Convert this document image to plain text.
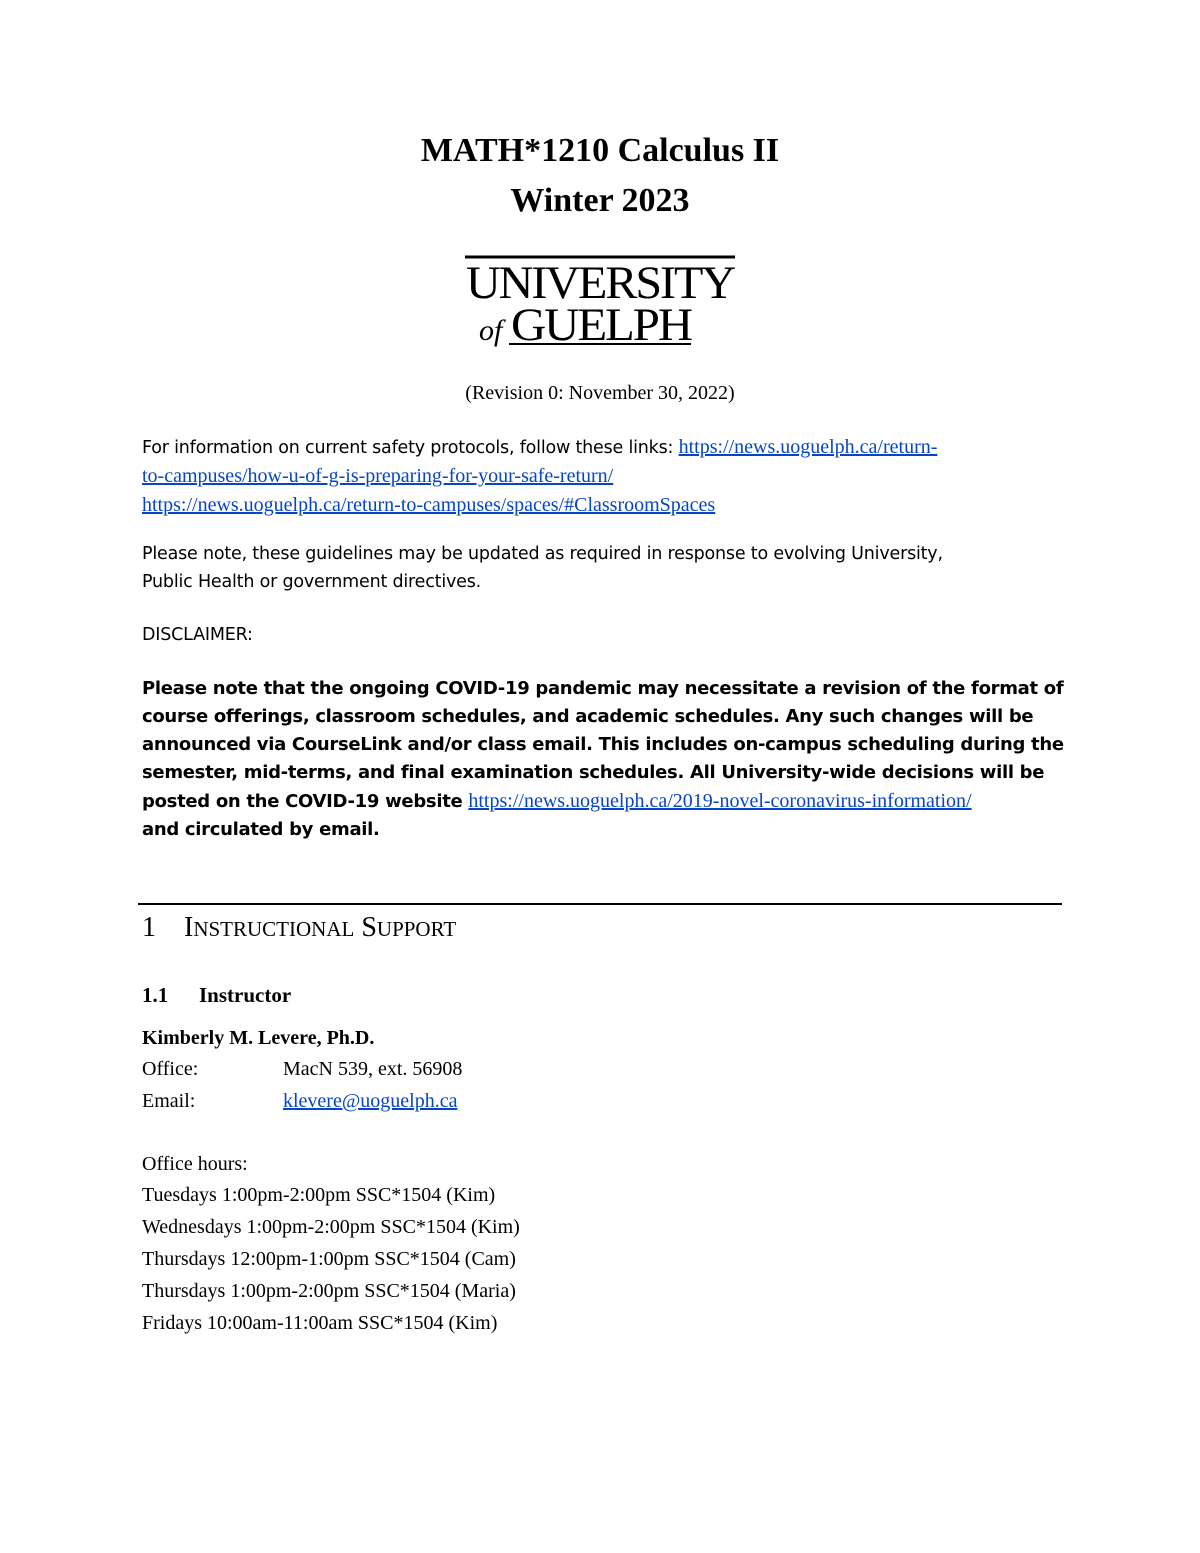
MATH*1210 Calculus II
Winter 2023
UNIVERSITY
of GUELPH
(Revision 0: November 30, 2022)
For information on current safety protocols, follow these links: https://news.uoguelph.ca/return-
to-campuses/how-u-of-g-is-preparing-for-your-safe-return/
https://news.uoguelph.ca/return-to-campuses/spaces/#ClassroomSpaces
Please note, these guidelines may be updated as required in response to evolving University,
Public Health or government directives.
DISCLAIMER:
Please note that the ongoing COVID-19 pandemic may necessitate a revision of the format of
course offerings, classroom schedules, and academic schedules. Any such changes will be
announced via CourseLink and/or class email. This includes on-campus scheduling during the
semester, mid-terms, and final examination schedules. All University-wide decisions will be
posted on the COVID-19 website https://news.uoguelph.ca/2019-novel-coronavirus-information/
and circulated by email.
1 INSTRUCTIONAL SUPPORT
1.1 Instructor
Kimberly M. Levere, Ph.D.
Office:	MacN 539, ext. 56908
Email:	klevere@uoguelph.ca
Office hours:
Tuesdays 1:00pm-2:00pm SSC*1504 (Kim)
Wednesdays 1:00pm-2:00pm SSC*1504 (Kim)
Thursdays 12:00pm-1:00pm SSC*1504 (Cam)
Thursdays 1:00pm-2:00pm SSC*1504 (Maria)
Fridays 10:00am-11:00am SSC*1504 (Kim)
